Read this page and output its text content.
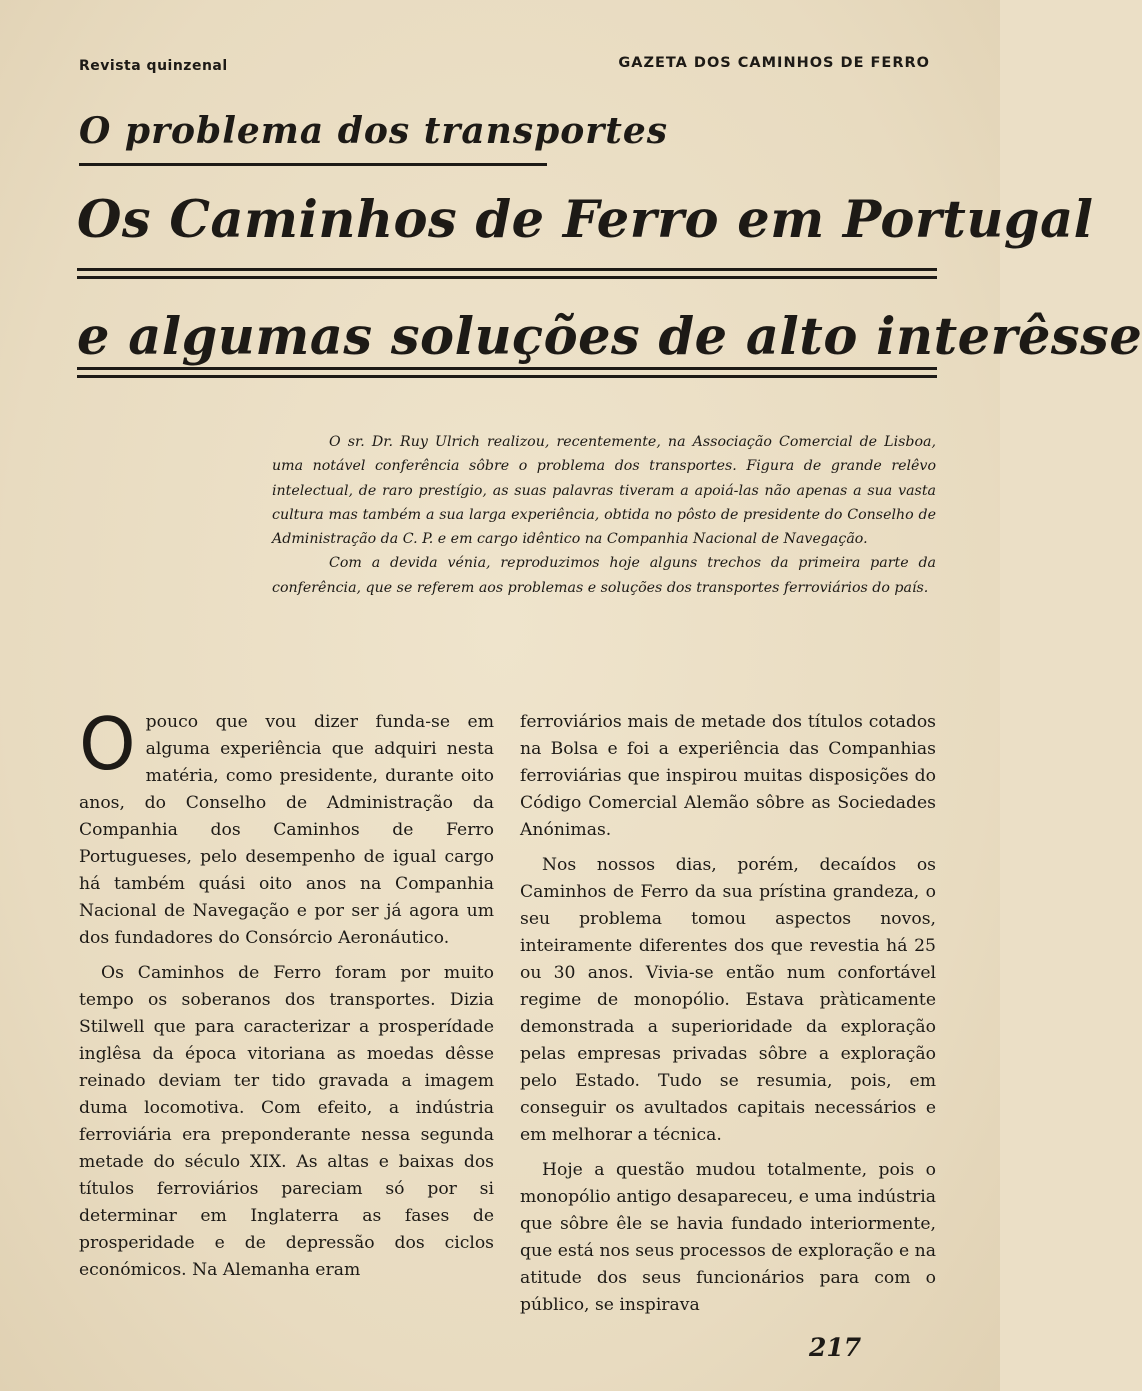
Revista quinzenal	GAZETA DOS CAMINHOS DE FERRO
O problema dos transportes
Os Caminhos de Ferro em Portugal
e algumas soluções de alto interêsse

O sr. Dr. Ruy Ulrich realizou, recentemente, na Associação Comercial de Lisboa, uma notável conferência sôbre o problema dos transportes. Figura de grande relêvo intelectual, de raro prestígio, as suas palavras tiveram a apoiá-las não apenas a sua vasta cultura mas também a sua larga experiência, obtida no pôsto de presidente do Conselho de Administração da C. P. e em cargo idêntico na Companhia Nacional de Navegação.

Com a devida vénia, reproduzimos hoje alguns trechos da primeira parte da conferência, que se referem aos problemas e soluções dos transportes ferroviários do país.

Opouco que vou dizer funda-se em alguma experiência que adquiri nesta matéria, como presidente, durante oito anos, do Conselho de Administração da Companhia dos Caminhos de Ferro Portugueses, pelo desempenho de igual cargo há também quási oito anos na Companhia Nacional de Navegação e por ser já agora um dos fundadores do Consórcio Aeronáutico.

Os Caminhos de Ferro foram por muito tempo os soberanos dos transportes. Dizia Stilwell que para caracterizar a prosperídade inglêsa da época vitoriana as moedas dêsse reinado deviam ter tido gravada a imagem duma locomotiva. Com efeito, a indústria ferroviária era preponderante nessa segunda metade do século XIX. As altas e baixas dos títulos ferroviários pareciam só por si determinar em Inglaterra as fases de prosperidade e de depressão dos ciclos económicos. Na Alemanha eram

ferroviários mais de metade dos títulos cotados na Bolsa e foi a experiência das Companhias ferroviárias que inspirou muitas disposições do Código Comercial Alemão sôbre as Sociedades Anónimas.

Nos nossos dias, porém, decaídos os Caminhos de Ferro da sua prístina grandeza, o seu problema tomou aspectos novos, inteiramente diferentes dos que revestia há 25 ou 30 anos. Vivia-se então num confortável regime de monopólio. Estava pràticamente demonstrada a superioridade da exploração pelas empresas privadas sôbre a exploração pelo Estado. Tudo se resumia, pois, em conseguir os avultados capitais necessários e em melhorar a técnica.

Hoje a questão mudou totalmente, pois o monopólio antigo desapareceu, e uma indústria que sôbre êle se havia fundado interiormente, que está nos seus processos de exploração e na atitude dos seus funcionários para com o público, se inspirava

217
